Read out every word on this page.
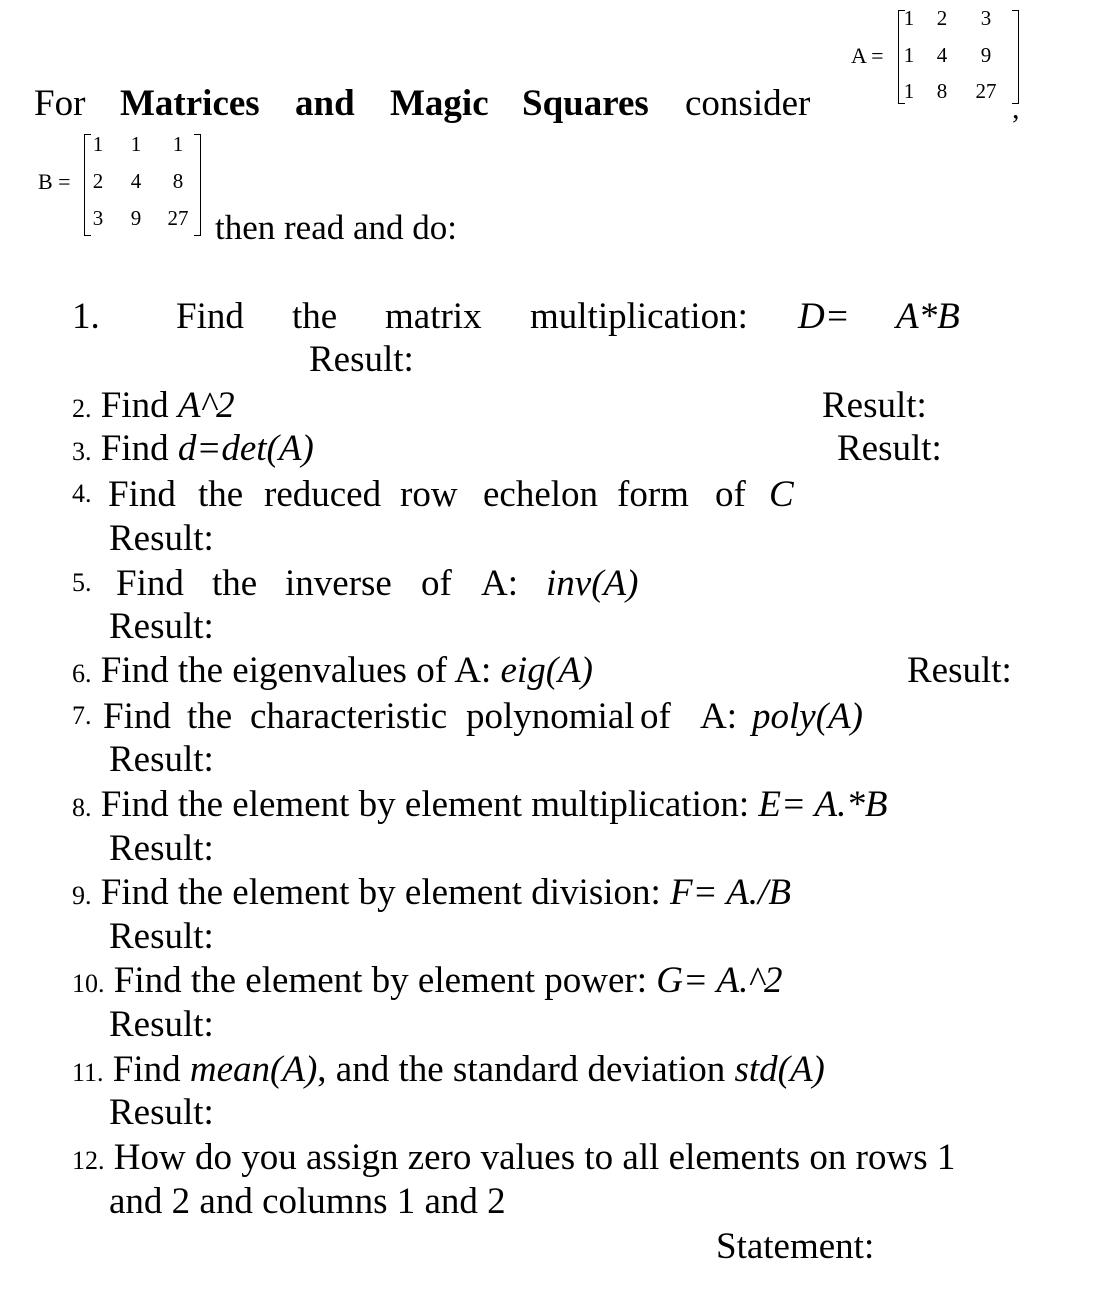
A =
1 2 3
1 4 9
1 8 27
,
For Matrices and Magic Squares consider
B =
1 1 1
2 4 8
3 9 27 then read and do:
1. Find the matrix multiplication: D= A*B
Result:
2. Find A^2	Result:
3. Find d=det(A)	Result:
4. Find the reduced row echelon form of C
Result:
5. Find the inverse of A: inv(A)
Result:
6. Find the eigenvalues of A: eig(A)	Result:
7. Find the characteristic polynomial of A: poly(A)
Result:
8. Find the element by element multiplication: E= A.*B
Result:
9. Find the element by element division: F= A./B
Result:
10. Find the element by element power: G= A.^2
Result:
11. Find mean(A), and the standard deviation std(A)
Result:
12. How do you assign zero values to all elements on rows 1
and 2 and columns 1 and 2
Statement:
